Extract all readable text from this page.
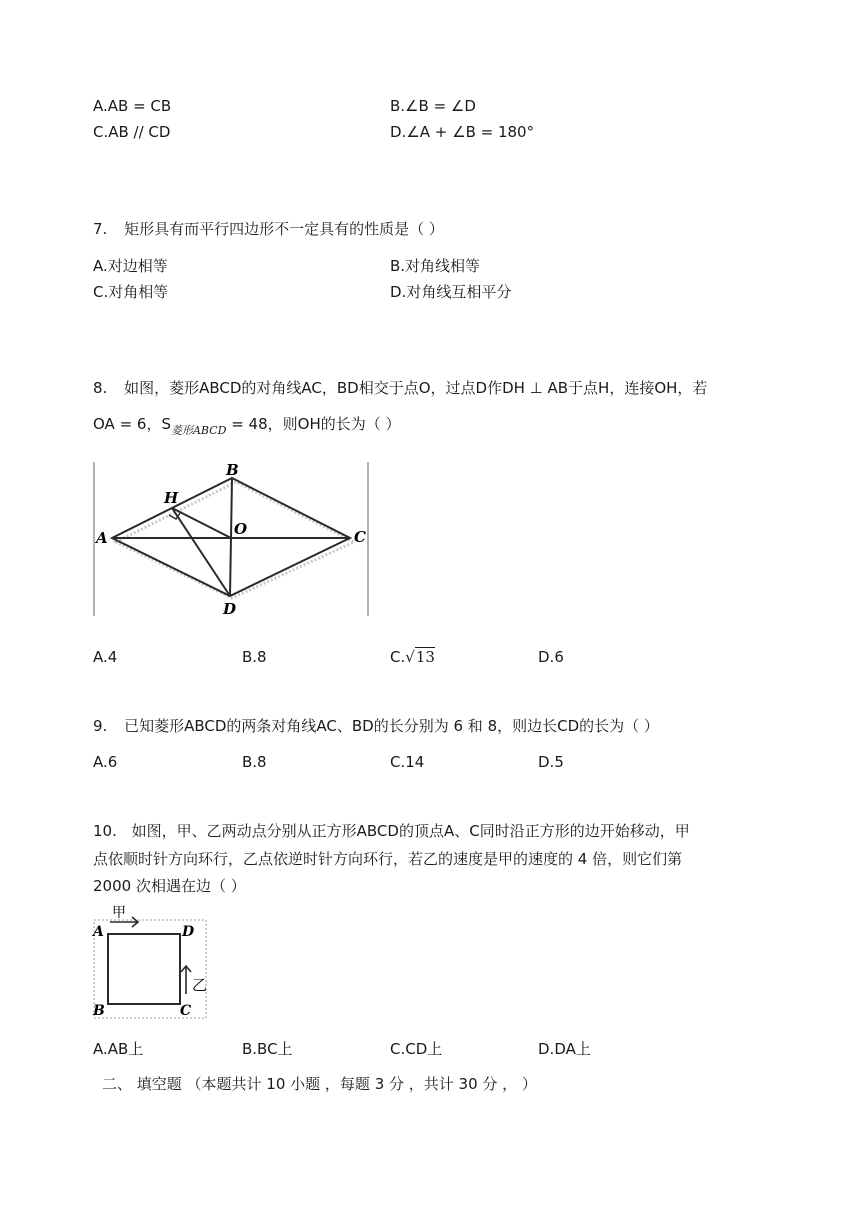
A.AB = CB	B.∠B = ∠D
C.AB // CD	D.∠A + ∠B = 180°
7. 矩形具有而平行四边形不一定具有的性质是（ ）
A.对边相等	B.对角线相等
C.对角相等	D.对角线互相平分
8. 如图，菱形ABCD的对角线AC，BD相交于点O，过点D作DH ⊥ AB于点H，连接OH，若
OA = 6，$S_{菱形ABCD} = 48$，则OH的长为（ ）
A
B
C
D
H
O
A.4	B.8	C.√13	D.6
9. 已知菱形ABCD的两条对角线AC、BD的长分别为 6 和 8，则边长CD的长为（ ）
A.6	B.8	C.14	D.5
10. 如图，甲、乙两动点分别从正方形ABCD的顶点A、C同时沿正方形的边开始移动，甲
点依顺时针方向环行，乙点依逆时针方向环行，若乙的速度是甲的速度的 4 倍，则它们第
2000 次相遇在边（ ）
甲
乙
A	D
B	C
A.AB上	B.BC上	C.CD上	D.DA上
二、 填空题 （本题共计 10 小题 ，每题 3 分 ，共计 30 分 ， ）
